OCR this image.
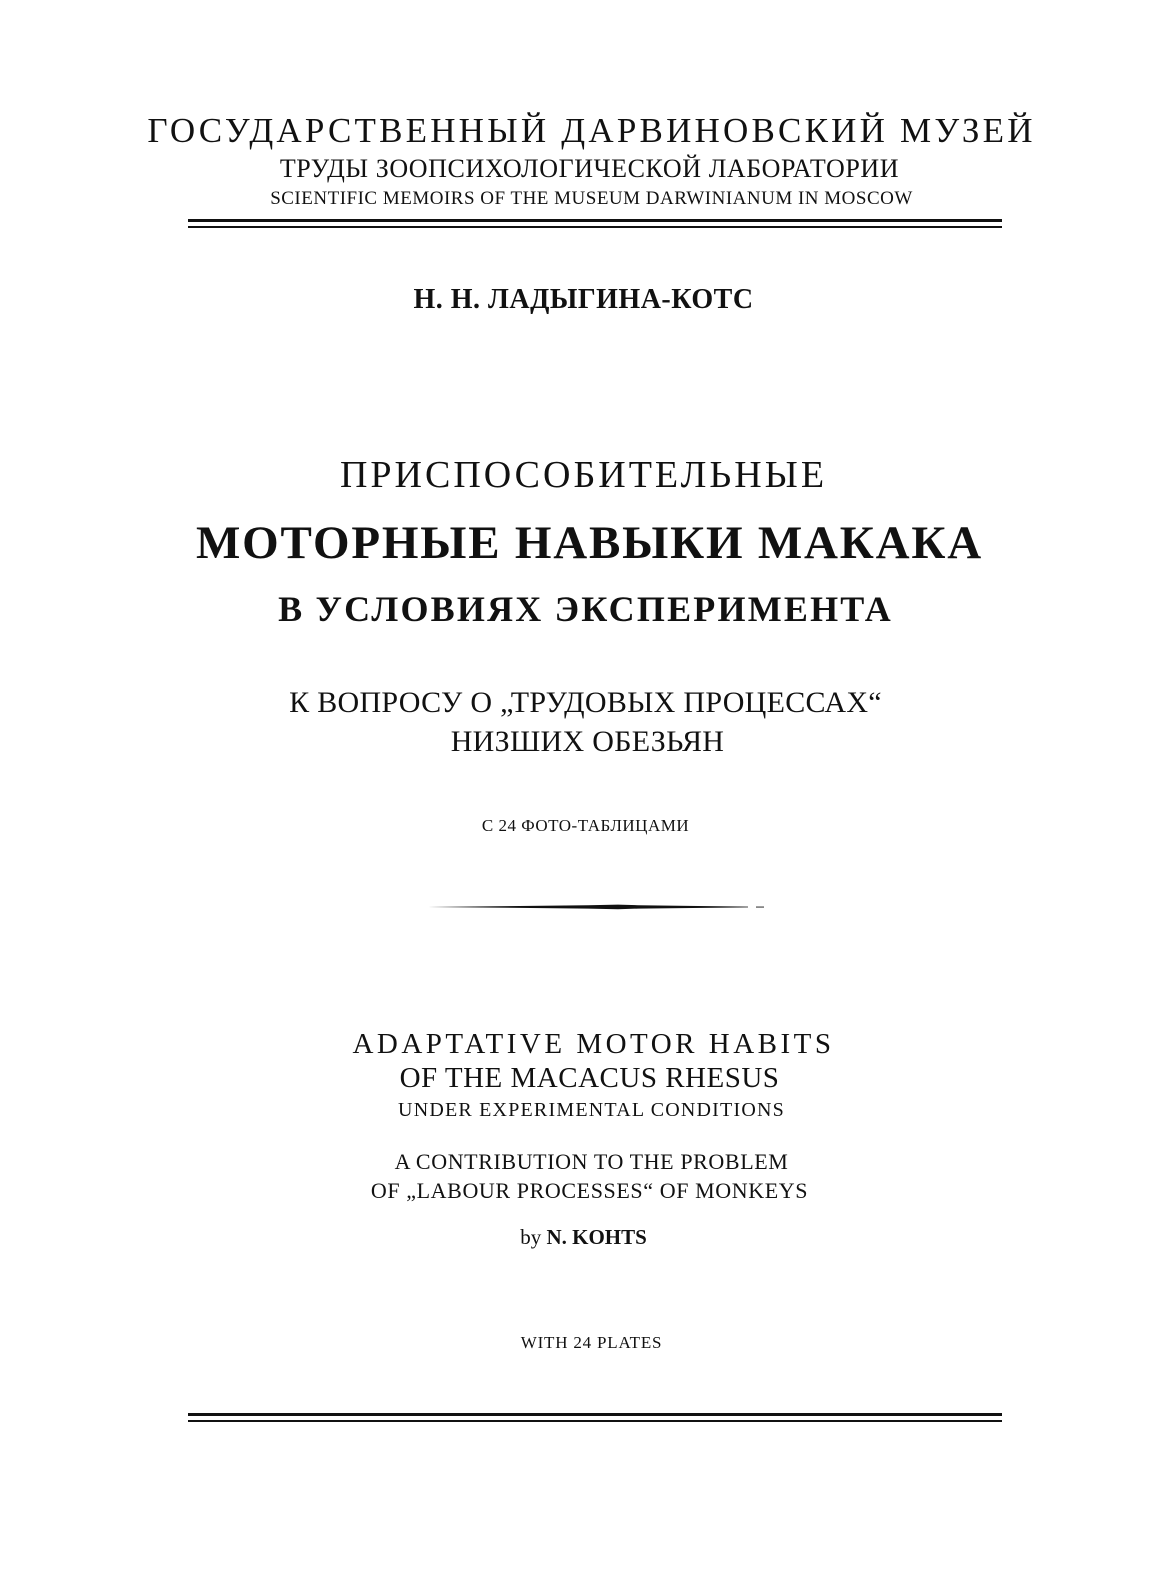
ГОСУДАРСТВЕННЫЙ ДАРВИНОВСКИЙ МУЗЕЙ
ТРУДЫ ЗООПСИХОЛОГИЧЕСКОЙ ЛАБОРАТОРИИ
SCIENTIFIC MEMOIRS OF THE MUSEUM DARWINIANUM IN MOSCOW
Н. Н. ЛАДЫГИНА-КОТС
ПРИСПОСОБИТЕЛЬНЫЕ
МОТОРНЫЕ НАВЫКИ МАКАКА
В УСЛОВИЯХ ЭКСПЕРИМЕНТА
К ВОПРОСУ О „ТРУДОВЫХ ПРОЦЕССАХ“
НИЗШИХ ОБЕЗЬЯН
С 24 ФОТО-ТАБЛИЦАМИ
ADAPTATIVE MOTOR HABITS
OF THE MACACUS RHESUS
UNDER EXPERIMENTAL CONDITIONS
A CONTRIBUTION TO THE PROBLEM
OF „LABOUR PROCESSES“ OF MONKEYS
by N. KOHTS
WITH 24 PLATES
